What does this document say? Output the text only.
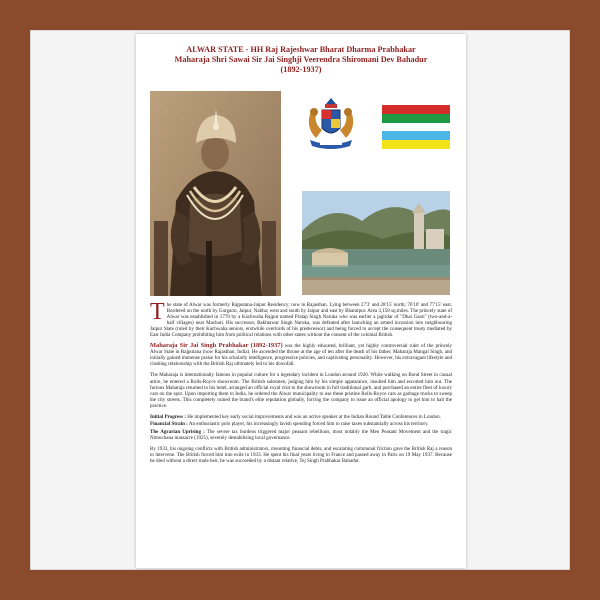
ALWAR STATE - HH Raj Rajeshwar Bharat Dharma Prabhakar
Maharaja Shri Sawai Sir Jai Singhji Veerendra Shiromani Dev Bahadur
(1892-1937)

The state of Alwar was formerly Rajputana-Jaipur Residency; now in Rajasthan. Lying between 27'3' and 28'15' north; 76'10' and 77'15' east. Bordered on the north by Gurgaon, Jaipur, Nabha; west and south by Jaipur and east by Bharatpur. Area 3,158 sq.miles. The princely state of Alwar was established in 1770 by a Kachwaha Rajput named Pratap Singh Naruka who was earlier a jagirdar of "Dhai Gaon" (two-and-a-half villages) near Machari. His successor, Bakhtawar Singh Naruka, was defeated after launching an armed incursion into neighbouring Jaipur State (ruled by their Kachwaha seniors, erstwhile overlords of his predecessor) and being forced to accept the consequent treaty mediated by East India Company prohibiting him from political relations with other states without the consent of the colonial British.

Maharaja Sir Jai Singh Prabhakar (1892-1937) was the highly educated, brilliant, yet highly controversial ruler of the princely Alwar State in Rajputana (now Rajasthan, India). He ascended the throne at the age of ten after the death of his father, Maharaja Mangal Singh, and initially gained immense praise for his scholarly intelligence, progressive policies, and captivating personality. However, his extravagant lifestyle and clashing relationship with the British Raj ultimately led to his downfall.

The Maharaja is internationally famous in popular culture for a legendary incident in London around 1920. While walking on Bond Street in casual attire, he entered a Rolls-Royce showroom. The British salesmen, judging him by his simple appearance, insulted him and escorted him out. The furious Maharaja returned to his hotel, arranged an official royal visit to the showroom in full traditional garb, and purchased an entire fleet of luxury cars on the spot. Upon importing them to India, he ordered the Alwar municipality to use these pristine Rolls-Royce cars as garbage trucks to sweep the city streets. This completely ruined the brand's elite reputation globally, forcing the company to issue an official apology to get him to halt the practice.

Initial Progress : He implemented key early social improvements and was an active speaker at the Indian Round Table Conferences in London.
Financial Strain : An enthusiastic polo player, his increasingly lavish spending forced him to raise taxes substantially across his territory.
The Agrarian Uprising : The severe tax burdens triggered major peasant rebellions, most notably the Meo Peasant Movement and the tragic Nimuchana massacre (1925), severely destabilising local governance.

By 1933, his ongoing conflicts with British administrators, mounting financial debts, and escalating communal friction gave the British Raj a reason to intervene. The British forced him into exile in 1933. He spent his final years living in France and passed away in Paris on 19 May 1937. Because he died without a direct male heir, he was succeeded by a distant relative, Tej Singh Prabhakar Bahadur.
